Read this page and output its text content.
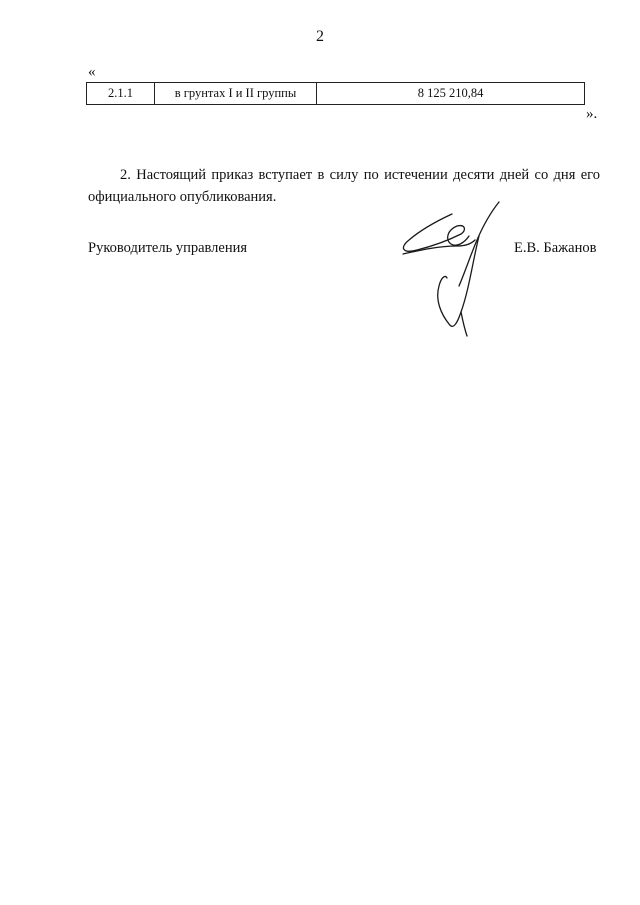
2
«
2.1.1	в грунтах I и II группы	8 125 210,84
».

2. Настоящий приказ вступает в силу по истечении десяти дней со дня его официального опубликования.

Руководитель управления	Е.В. Бажанов
